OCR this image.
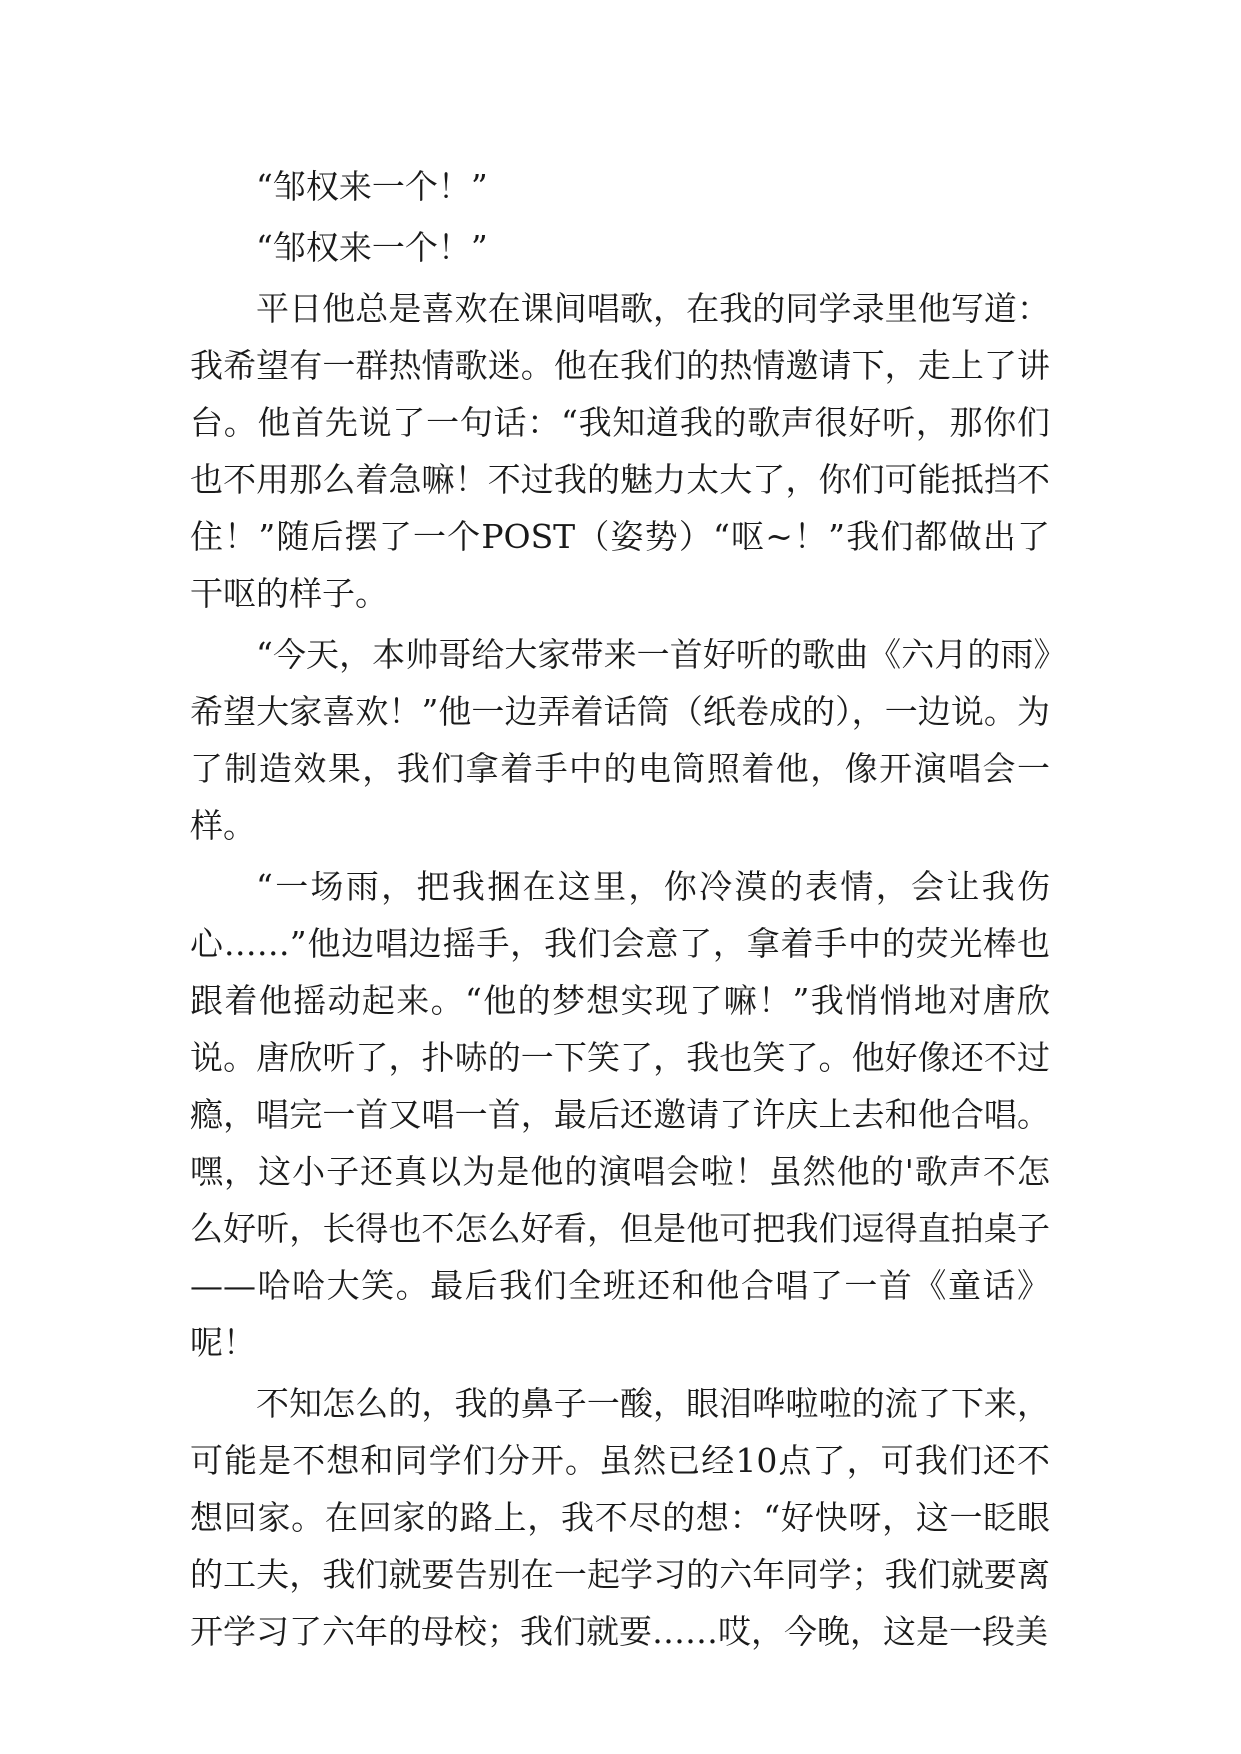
“邹权来一个！”

“邹权来一个！”

平日他总是喜欢在课间唱歌，在我的同学录里他写道：我希望有一群热情歌迷。他在我们的热情邀请下，走上了讲台。他首先说了一句话：“我知道我的歌声很好听，那你们也不用那么着急嘛！不过我的魅力太大了，你们可能抵挡不住！”随后摆了一个POST（姿势）“呕~！”我们都做出了干呕的样子。

“今天，本帅哥给大家带来一首好听的歌曲《六月的雨》希望大家喜欢！”他一边弄着话筒（纸卷成的），一边说。为了制造效果，我们拿着手中的电筒照着他，像开演唱会一样。

“一场雨，把我捆在这里，你冷漠的表情，会让我伤心……”他边唱边摇手，我们会意了，拿着手中的荧光棒也跟着他摇动起来。“他的梦想实现了嘛！”我悄悄地对唐欣说。唐欣听了，扑哧的一下笑了，我也笑了。他好像还不过瘾，唱完一首又唱一首，最后还邀请了许庆上去和他合唱。嘿，这小子还真以为是他的演唱会啦！虽然他的'歌声不怎么好听，长得也不怎么好看，但是他可把我们逗得直拍桌子——哈哈大笑。最后我们全班还和他合唱了一首《童话》呢！

不知怎么的，我的鼻子一酸，眼泪哗啦啦的流了下来，可能是不想和同学们分开。虽然已经10点了，可我们还不想回家。在回家的路上，我不尽的想：“好快呀，这一眨眼的工夫，我们就要告别在一起学习的六年同学；我们就要离开学习了六年的母校；我们就要……哎，今晚，这是一段美
